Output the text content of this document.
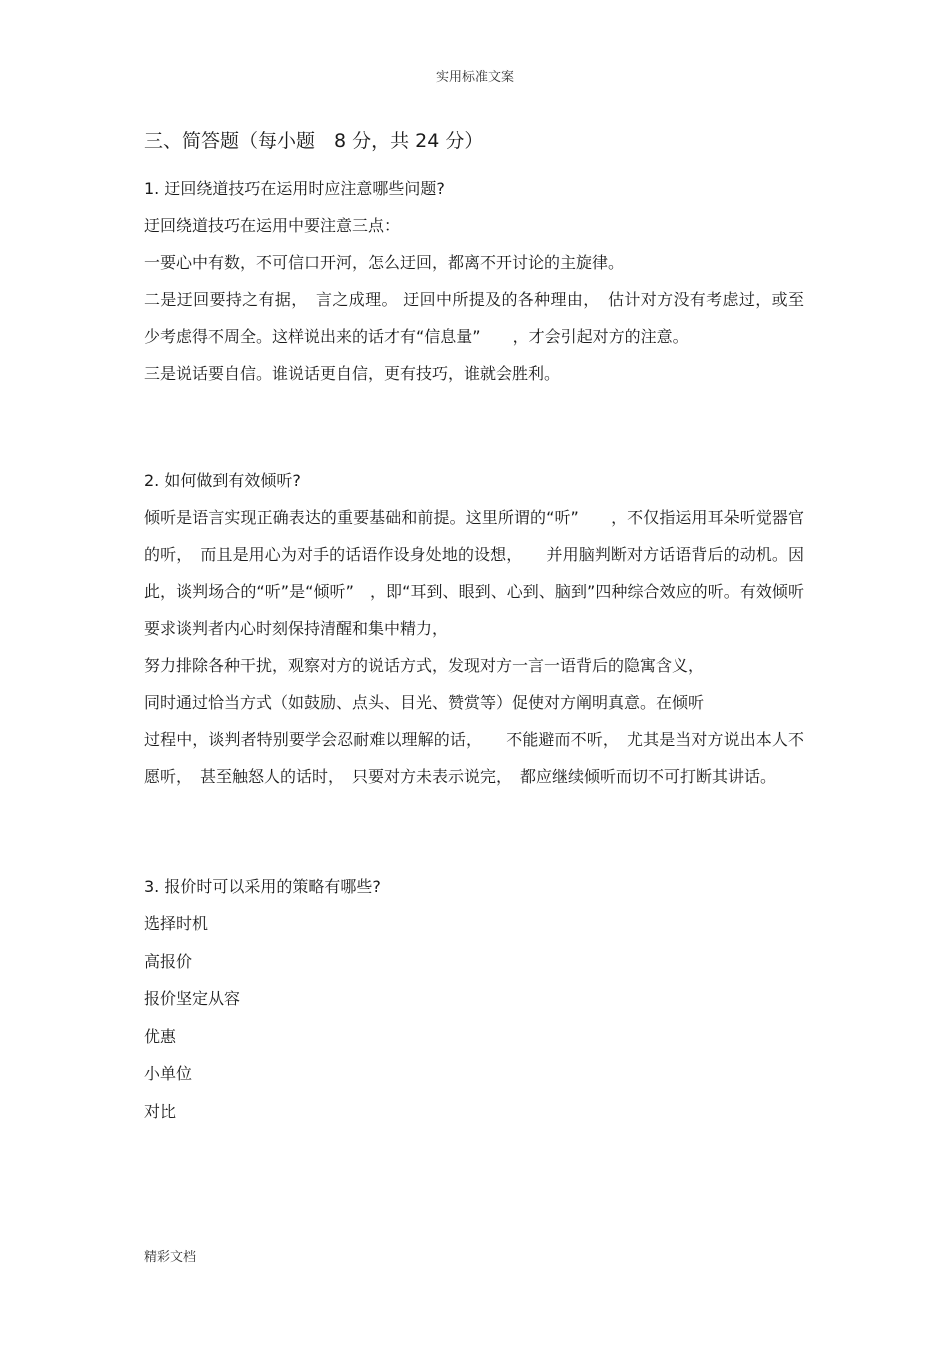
实用标准文案
三、简答题（每小题　8 分，共 24 分）

1. 迂回绕道技巧在运用时应注意哪些问题?

迂回绕道技巧在运用中要注意三点：

一要心中有数，不可信口开河，怎么迂回，都离不开讨论的主旋律。

二是迂回要持之有据，　言之成理。 迂回中所提及的各种理由，　估计对方没有考虑过，或至少考虑得不周全。这样说出来的话才有“信息量”　　，才会引起对方的注意。

三是说话要自信。谁说话更自信，更有技巧，谁就会胜利。

2. 如何做到有效倾听?

倾听是语言实现正确表达的重要基础和前提。这里所谓的“听”　　，不仅指运用耳朵听觉器官的听，　而且是用心为对手的话语作设身处地的设想，　　并用脑判断对方话语背后的动机。因此，谈判场合的“听”是“倾听”　，即“耳到、眼到、心到、脑到”四种综合效应的听。有效倾听要求谈判者内心时刻保持清醒和集中精力，

努力排除各种干扰，观察对方的说话方式，发现对方一言一语背后的隐寓含义，

同时通过恰当方式（如鼓励、点头、目光、赞赏等）促使对方阐明真意。在倾听

过程中，谈判者特别要学会忍耐难以理解的话，　　不能避而不听，　尤其是当对方说出本人不愿听，　甚至触怒人的话时，　只要对方未表示说完，　都应继续倾听而切不可打断其讲话。

3. 报价时可以采用的策略有哪些?

选择时机
高报价
报价坚定从容
优惠
小单位
对比
精彩文档
